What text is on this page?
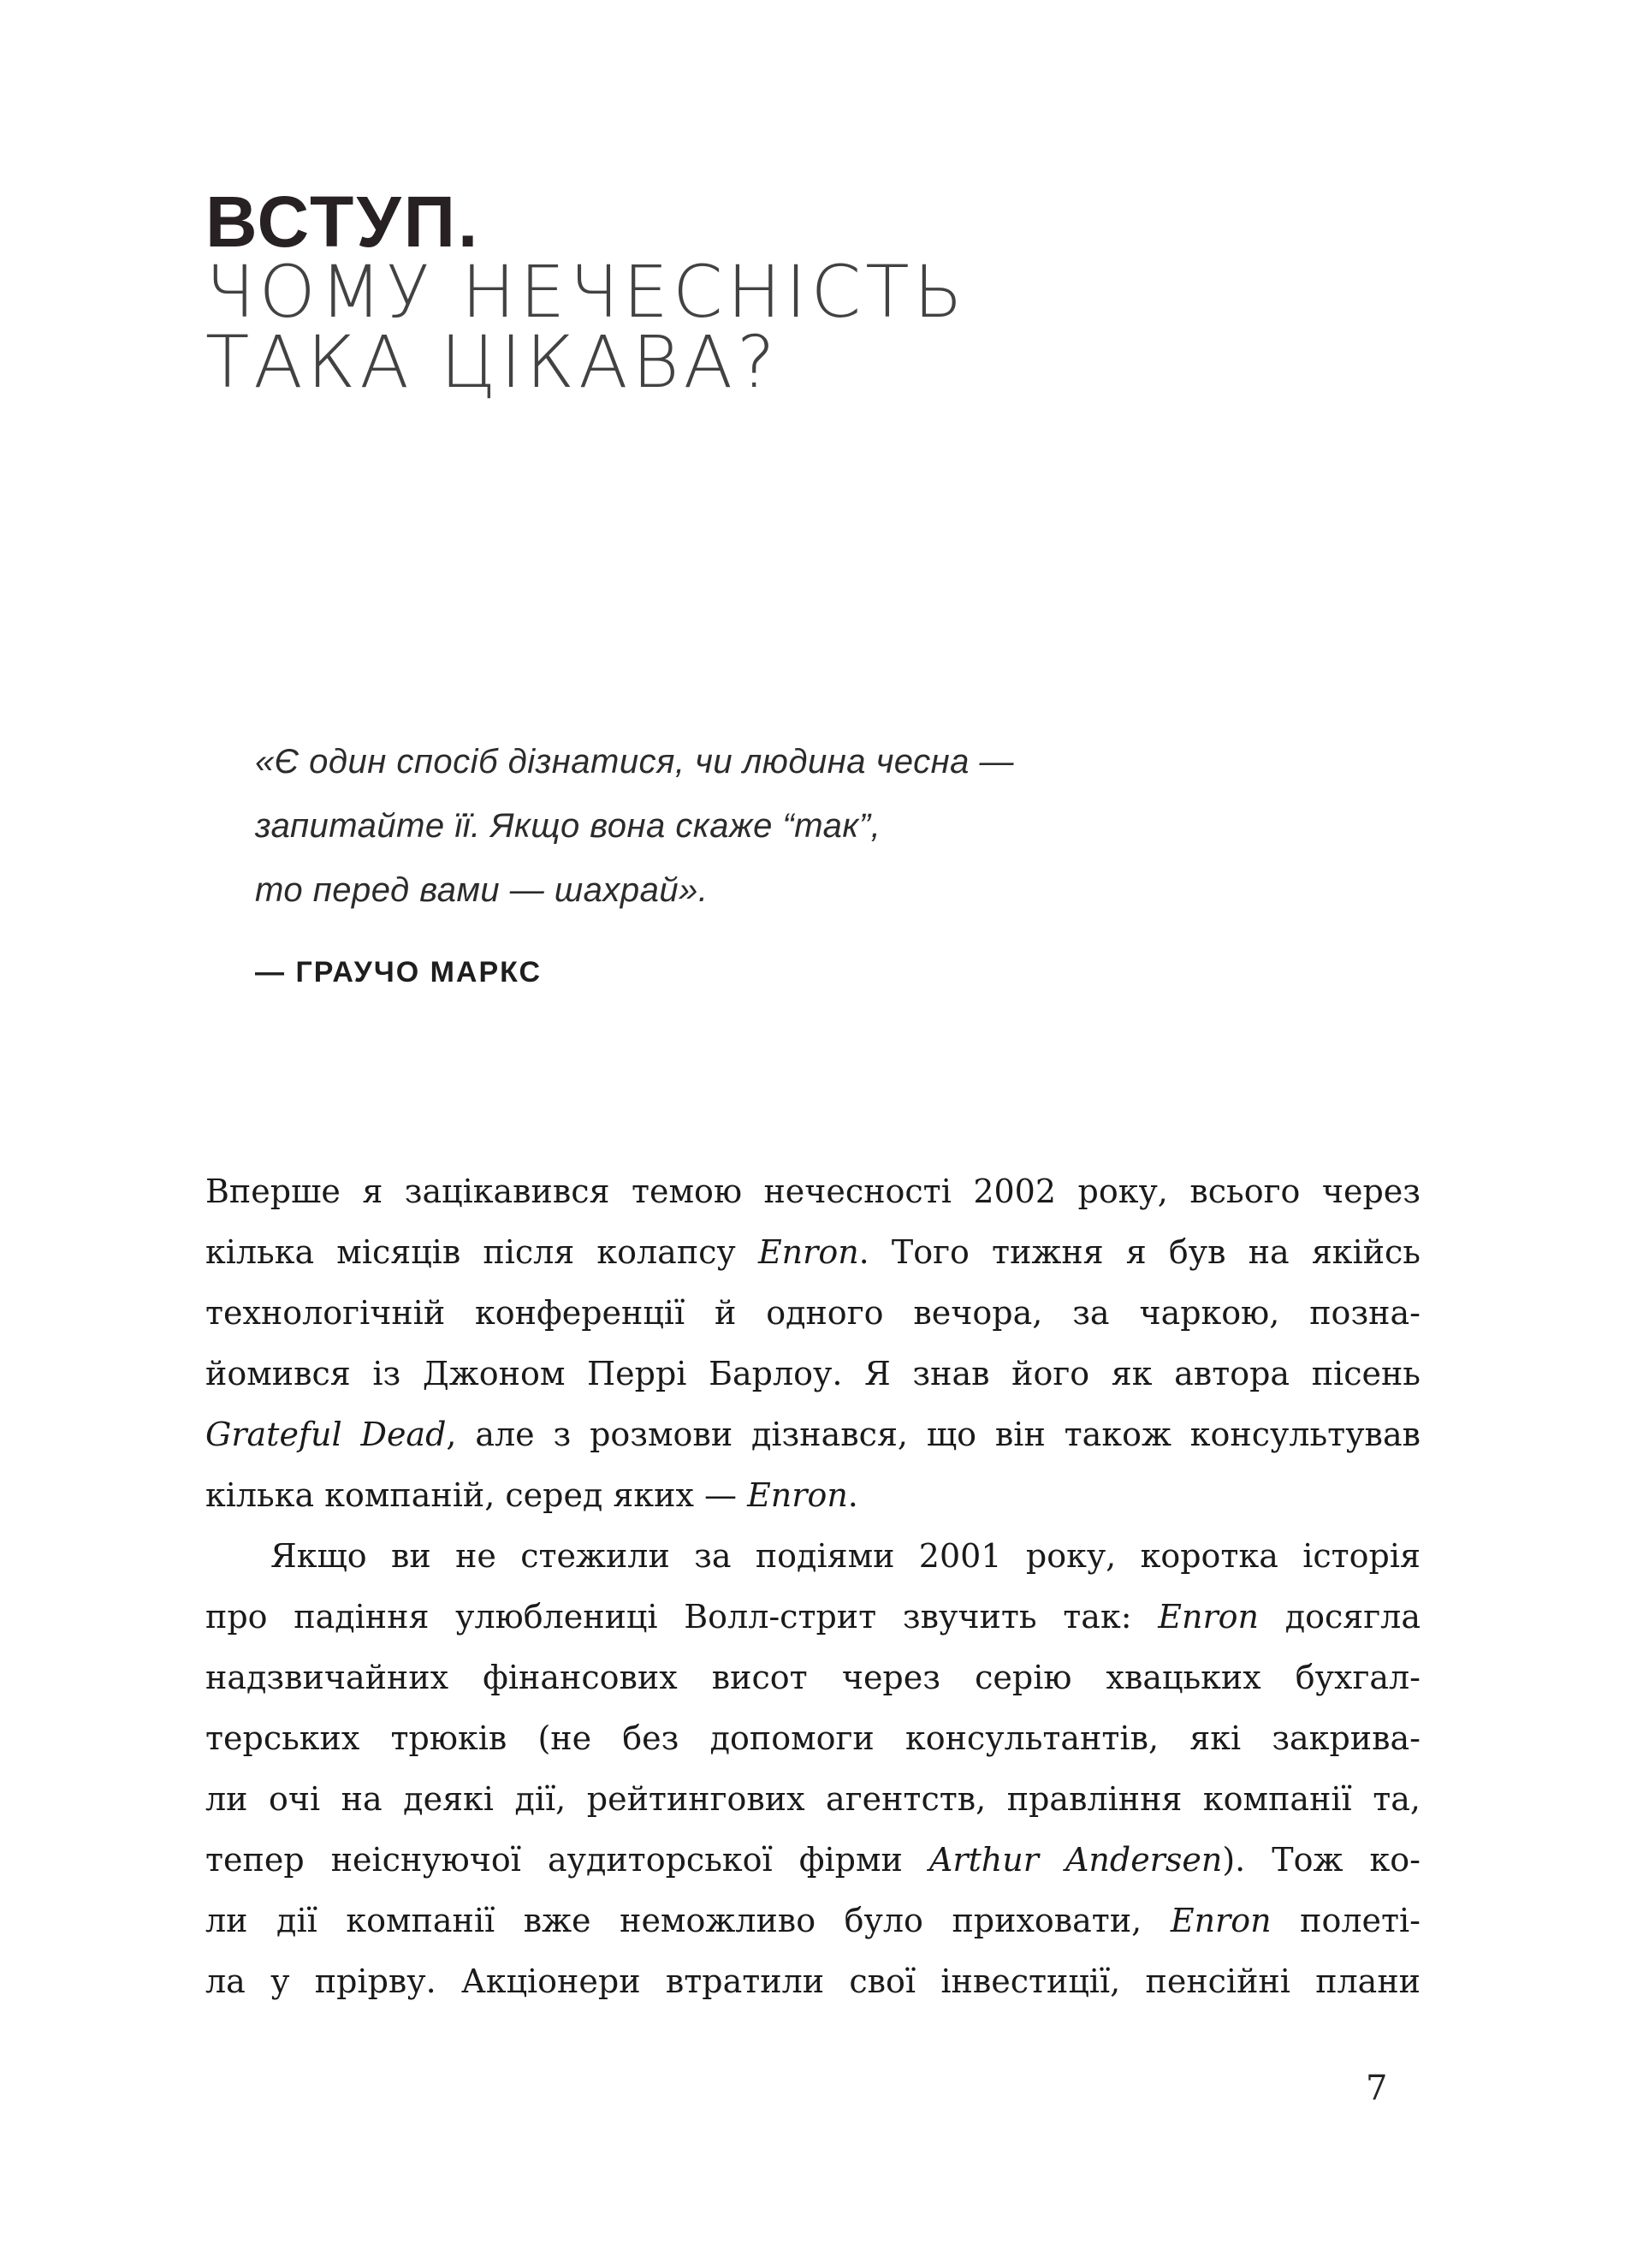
ВСТУП.
ЧОМУ НЕЧЕСНІСТЬ
ТАКА ЦІКАВА?
«Є один спосіб дізнатися, чи людина чесна —
запитайте її. Якщо вона скаже “так”,
то перед вами — шахрай».
— ГРАУЧО МАРКС
Вперше я зацікавився темою нечесності 2002 року, всього через
кілька місяців після колапсу Enron. Того тижня я був на якійсь
технологічній конференції й одного вечора, за чаркою, позна-
йомився із Джоном Перрі Барлоу. Я знав його як автора пісень
Grateful Dead, але з розмови дізнався, що він також консультував
кілька компаній, серед яких — Enron.
Якщо ви не стежили за подіями 2001 року, коротка історія
про падіння улюблениці Волл-стрит звучить так: Enron досягла
надзвичайних фінансових висот через серію хвацьких бухгал-
терських трюків (не без допомоги консультантів, які закрива-
ли очі на деякі дії, рейтингових агентств, правління компанії та,
тепер неіснуючої аудиторської фірми Arthur Andersen). Тож ко-
ли дії компанії вже неможливо було приховати, Enron полеті-
ла у прірву. Акціонери втратили свої інвестиції, пенсійні плани
7
